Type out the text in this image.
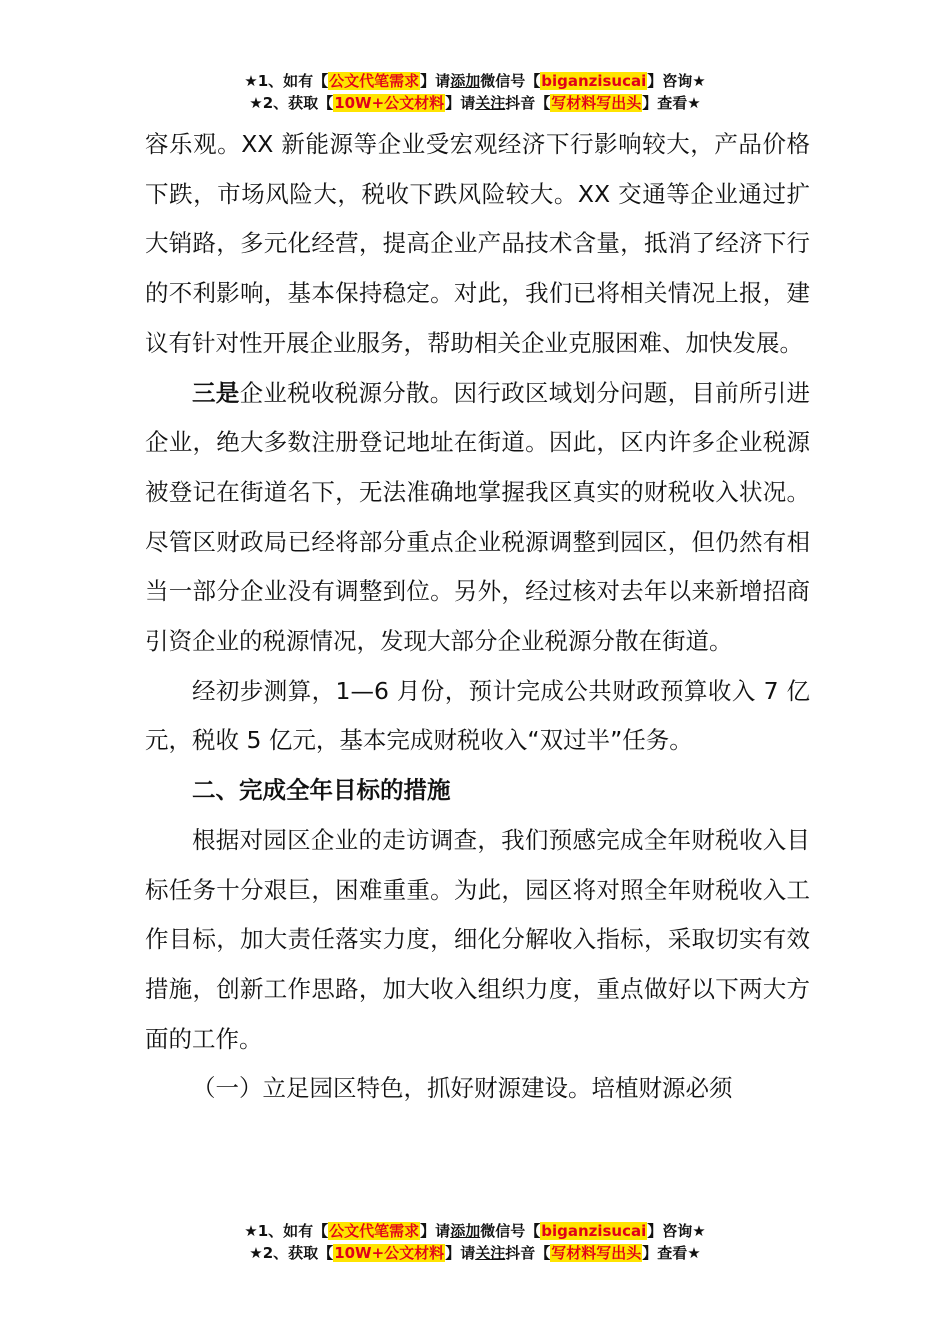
★1、如有【公文代笔需求】请添加微信号【biganzisucai】咨询★
★2、获取【10W+公文材料】请关注抖音【写材料写出头】查看★

容乐观。XX 新能源等企业受宏观经济下行影响较大，产品价格下跌，市场风险大，税收下跌风险较大。XX 交通等企业通过扩大销路，多元化经营，提高企业产品技术含量，抵消了经济下行的不利影响，基本保持稳定。对此，我们已将相关情况上报，建议有针对性开展企业服务，帮助相关企业克服困难、加快发展。

三是企业税收税源分散。因行政区域划分问题，目前所引进企业，绝大多数注册登记地址在街道。因此，区内许多企业税源被登记在街道名下，无法准确地掌握我区真实的财税收入状况。尽管区财政局已经将部分重点企业税源调整到园区，但仍然有相当一部分企业没有调整到位。另外，经过核对去年以来新增招商引资企业的税源情况，发现大部分企业税源分散在街道。

经初步测算，1—6 月份，预计完成公共财政预算收入 7 亿元，税收 5 亿元，基本完成财税收入“双过半”任务。

二、完成全年目标的措施

根据对园区企业的走访调查，我们预感完成全年财税收入目标任务十分艰巨，困难重重。为此，园区将对照全年财税收入工作目标，加大责任落实力度，细化分解收入指标，采取切实有效措施，创新工作思路，加大收入组织力度，重点做好以下两大方面的工作。

（一）立足园区特色，抓好财源建设。培植财源必须

★1、如有【公文代笔需求】请添加微信号【biganzisucai】咨询★
★2、获取【10W+公文材料】请关注抖音【写材料写出头】查看★
